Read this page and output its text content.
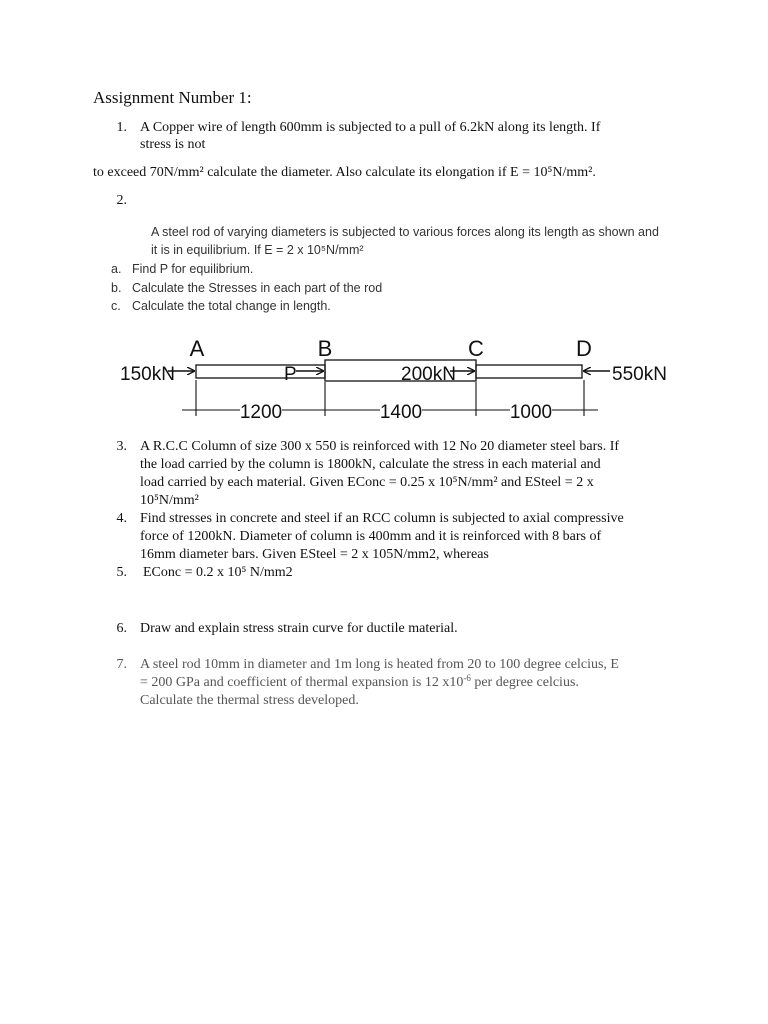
Assignment Number 1:
1. A Copper wire of length 600mm is subjected to a pull of 6.2kN along its length. If
stress is not
to exceed 70N/mm² calculate the diameter. Also calculate its elongation if E = 10⁵N/mm².
2.
A steel rod of varying diameters is subjected to various forces along its length as shown and
it is in equilibrium. If E = 2 x 10⁵N/mm²
a. Find P for equilibrium.
b. Calculate the Stresses in each part of the rod
c. Calculate the total change in length.
A	B	C	D
150kN	P	200kN	550kN
1200	1400	1000
3. A R.C.C Column of size 300 x 550 is reinforced with 12 No 20 diameter steel bars. If
the load carried by the column is 1800kN, calculate the stress in each material and
load carried by each material. Given EConc = 0.25 x 10⁵N/mm² and ESteel = 2 x
10⁵N/mm²
4. Find stresses in concrete and steel if an RCC column is subjected to axial compressive
force of 1200kN. Diameter of column is 400mm and it is reinforced with 8 bars of
16mm diameter bars. Given ESteel = 2 x 105N/mm2, whereas
5. EConc = 0.2 x 10⁵ N/mm2
6. Draw and explain stress strain curve for ductile material.
7. A steel rod 10mm in diameter and 1m long is heated from 20 to 100 degree celcius, E
= 200 GPa and coefficient of thermal expansion is 12 $x10^{-6}$ per degree celcius.
Calculate the thermal stress developed.
